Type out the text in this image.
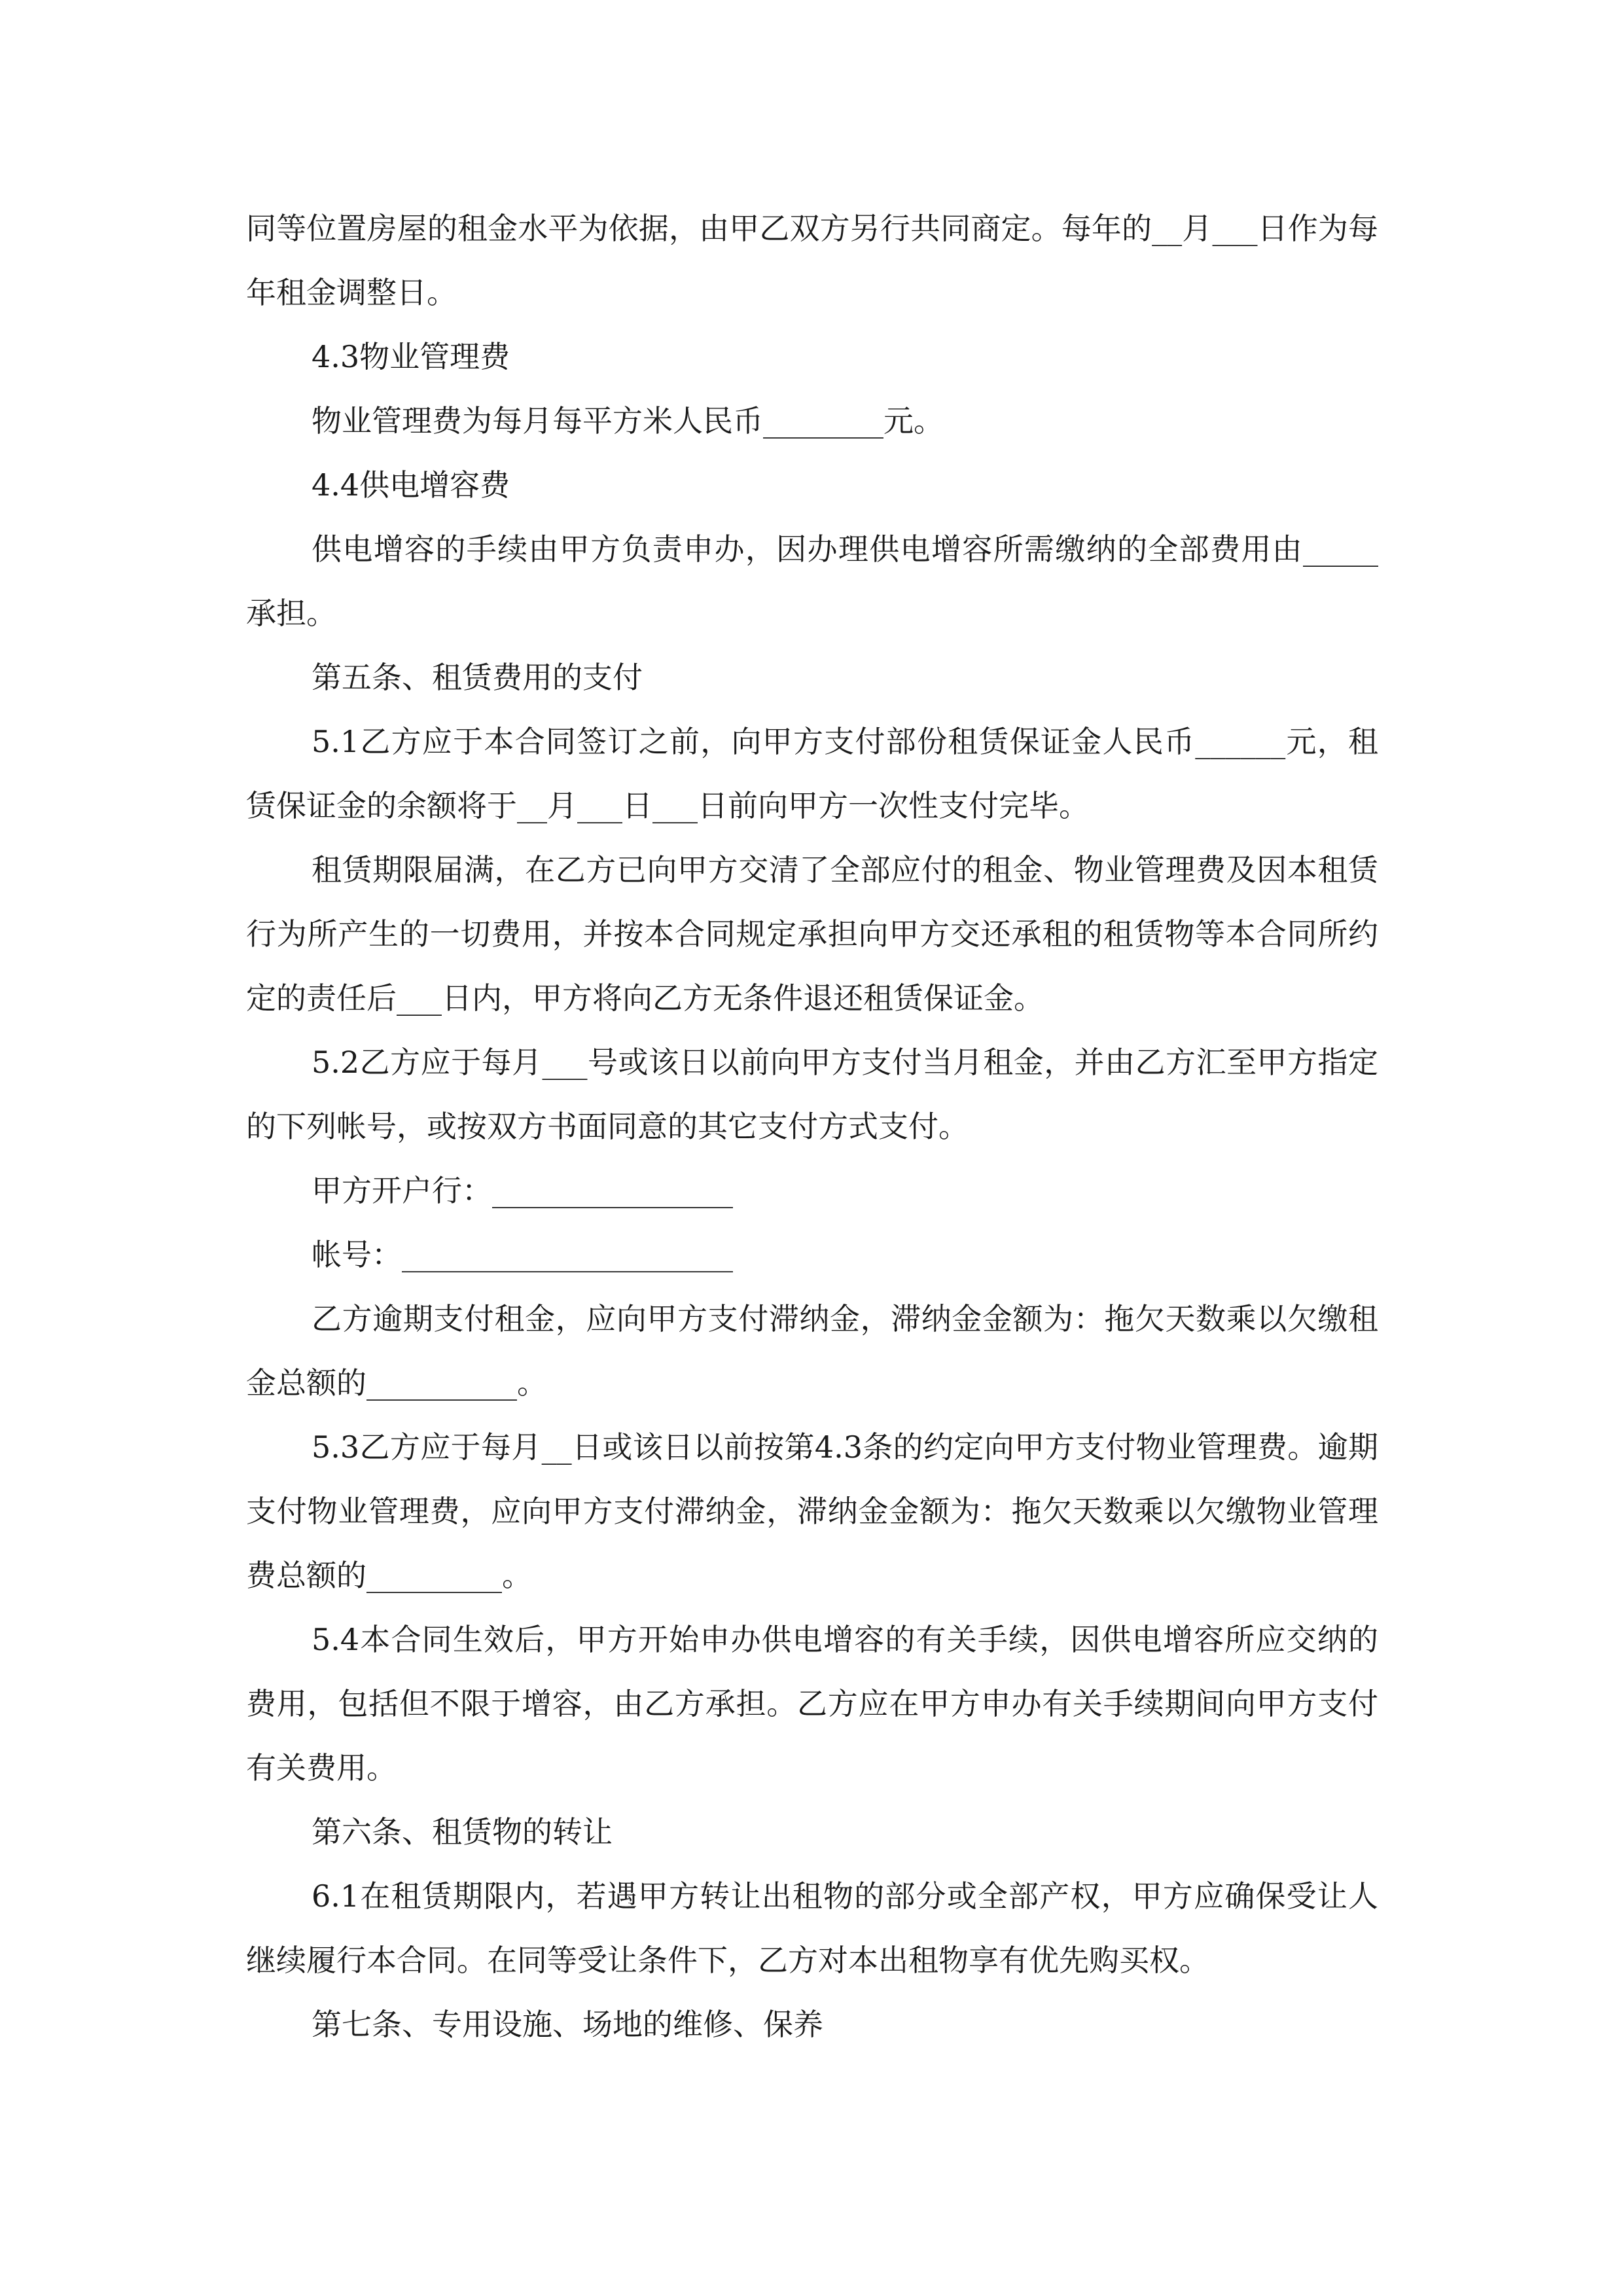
同等位置房屋的租金水平为依据，由甲乙双方另行共同商定。每年的__月___日作为每年租金调整日。

4.3物业管理费

物业管理费为每月每平方米人民币________元。

4.4供电增容费

供电增容的手续由甲方负责申办，因办理供电增容所需缴纳的全部费用由_____承担。

第五条、租赁费用的支付

5.1乙方应于本合同签订之前，向甲方支付部份租赁保证金人民币______元，租赁保证金的余额将于__月___日___日前向甲方一次性支付完毕。

租赁期限届满，在乙方已向甲方交清了全部应付的租金、物业管理费及因本租赁行为所产生的一切费用，并按本合同规定承担向甲方交还承租的租赁物等本合同所约定的责任后___日内，甲方将向乙方无条件退还租赁保证金。

5.2乙方应于每月___号或该日以前向甲方支付当月租金，并由乙方汇至甲方指定的下列帐号，或按双方书面同意的其它支付方式支付。

甲方开户行：________________

帐号：______________________

乙方逾期支付租金，应向甲方支付滞纳金，滞纳金金额为：拖欠天数乘以欠缴租金总额的__________。

5.3乙方应于每月__日或该日以前按第4.3条的约定向甲方支付物业管理费。逾期支付物业管理费，应向甲方支付滞纳金，滞纳金金额为：拖欠天数乘以欠缴物业管理费总额的_________。

5.4本合同生效后，甲方开始申办供电增容的有关手续，因供电增容所应交纳的费用，包括但不限于增容，由乙方承担。乙方应在甲方申办有关手续期间向甲方支付有关费用。

第六条、租赁物的转让

6.1在租赁期限内，若遇甲方转让出租物的部分或全部产权，甲方应确保受让人继续履行本合同。在同等受让条件下，乙方对本出租物享有优先购买权。

第七条、专用设施、场地的维修、保养
